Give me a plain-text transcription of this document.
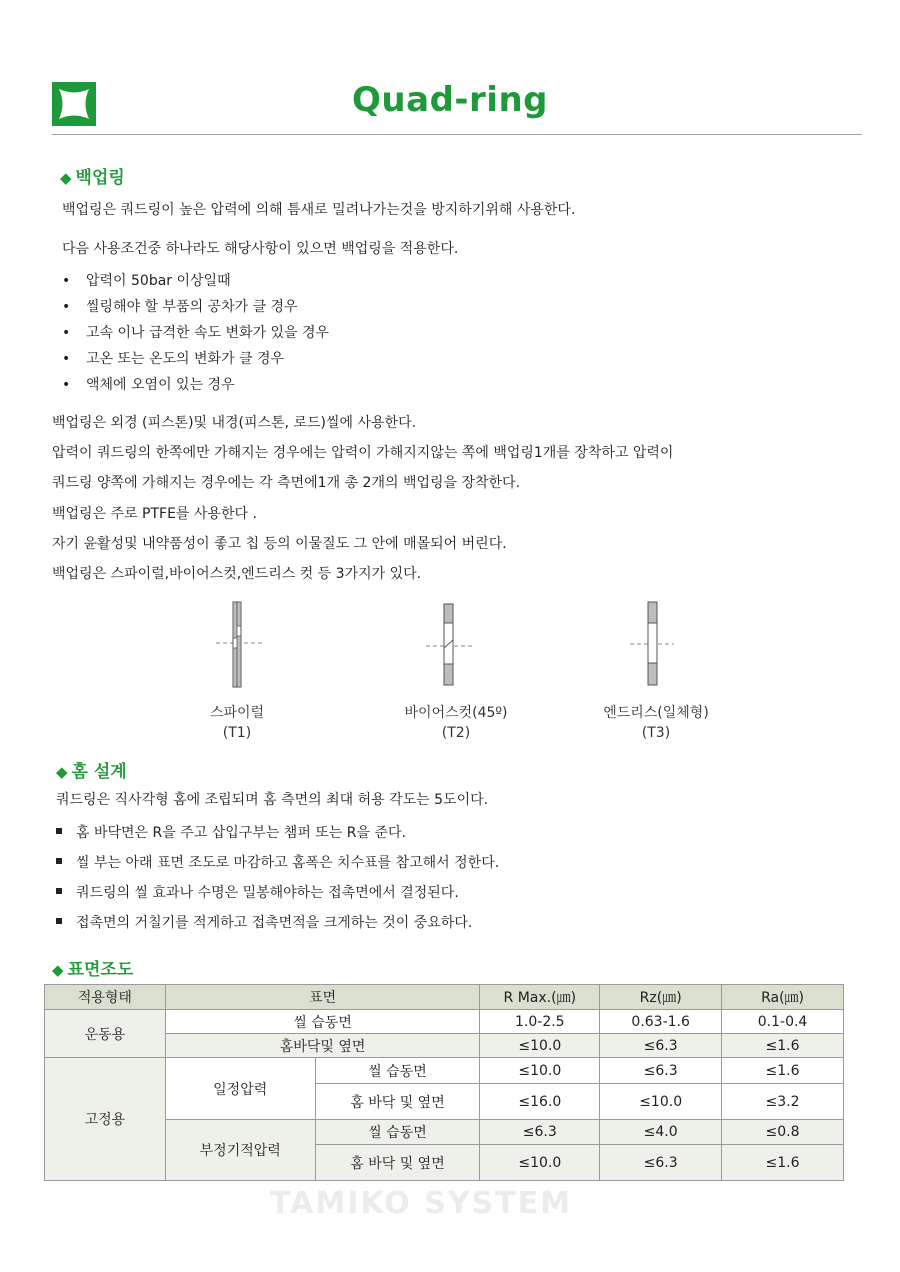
Quad-ring
◆ 백업링
백업링은 쿼드링이 높은 압력에 의해 틈새로 밀려나가는것을 방지하기위해 사용한다.
다음 사용조건중 하나라도 해당사항이 있으면 백업링을 적용한다.
• 압력이 50bar 이상일때
• 씰링해야 할 부품의 공차가 클 경우
• 고속 이나 급격한 속도 변화가 있을 경우
• 고온 또는 온도의 변화가 클 경우
• 액체에 오염이 있는 경우
백업링은 외경 (피스톤)및 내경(피스톤, 로드)씰에 사용한다.
압력이 쿼드링의 한쪽에만 가해지는 경우에는 압력이 가해지지않는 쪽에 백업링1개를 장착하고 압력이
쿼드링 양쪽에 가해지는 경우에는 각 측면에1개 총 2개의 백업링을 장착한다.
백업링은 주로 PTFE를 사용한다 .
자기 윤활성및 내약품성이 좋고 칩 등의 이물질도 그 안에 매몰되어 버린다.
백업링은 스파이럴,바이어스컷,엔드리스 컷 등 3가지가 있다.
스파이럴
(T1)
바이어스컷(45º)
(T2)
엔드리스(일체형)
(T3)
◆ 홈 설계
쿼드링은 직사각형 홈에 조립되며 홈 측면의 최대 허용 각도는 5도이다.
홈 바닥면은 R을 주고 삽입구부는 챔퍼 또는 R을 준다.
씰 부는 아래 표면 조도로 마감하고 홈폭은 치수표를 참고해서 정한다.
쿼드링의 씰 효과나 수명은 밀봉해야하는 접촉면에서 결정된다.
접촉면의 거칠기를 적게하고 접촉면적을 크게하는 것이 중요하다.
◆ 표면조도
적용형태	표면		R Max.(㎛)	Rz(㎛)	Ra(㎛)
운동용	씰 습동면		1.0-2.5	0.63-1.6	0.1-0.4
	홈바닥및 옆면		≤10.0	≤6.3	≤1.6
고정용	일정압력	씰 습동면	≤10.0	≤6.3	≤1.6
		홈 바닥 및 옆면	≤16.0	≤10.0	≤3.2
	부정기적압력	씰 습동면	≤6.3	≤4.0	≤0.8
		홈 바닥 및 옆면	≤10.0	≤6.3	≤1.6
TAMIKO SYSTEM
